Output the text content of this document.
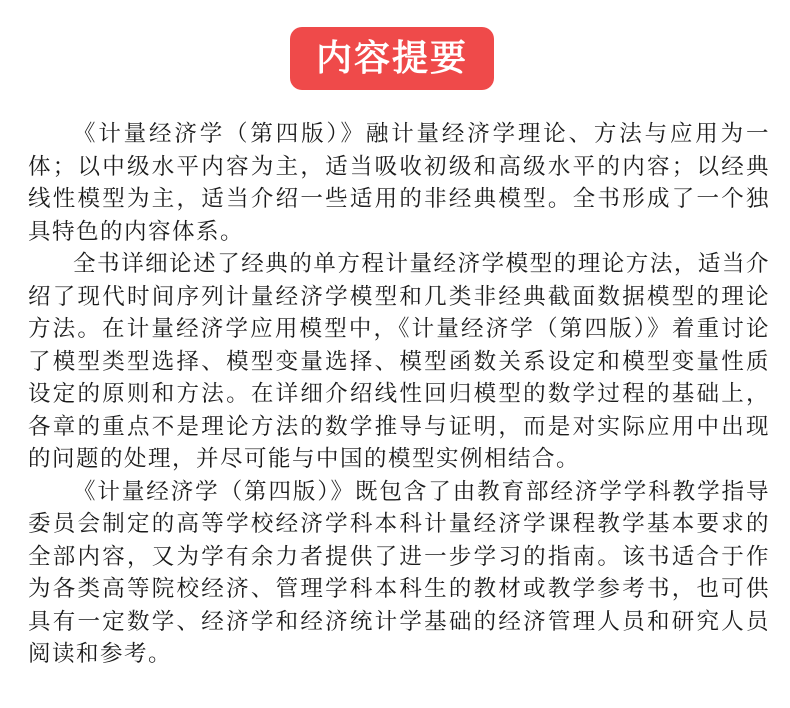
内容提要

《计量经济学（第四版）》融计量经济学理论、方法与应用为一体；以中级水平内容为主，适当吸收初级和高级水平的内容；以经典线性模型为主，适当介绍一些适用的非经典模型。全书形成了一个独具特色的内容体系。

全书详细论述了经典的单方程计量经济学模型的理论方法，适当介绍了现代时间序列计量经济学模型和几类非经典截面数据模型的理论方法。在计量经济学应用模型中，《计量经济学（第四版）》着重讨论了模型类型选择、模型变量选择、模型函数关系设定和模型变量性质设定的原则和方法。在详细介绍线性回归模型的数学过程的基础上，各章的重点不是理论方法的数学推导与证明，而是对实际应用中出现的问题的处理，并尽可能与中国的模型实例相结合。

《计量经济学（第四版）》既包含了由教育部经济学学科教学指导委员会制定的高等学校经济学科本科计量经济学课程教学基本要求的全部内容，又为学有余力者提供了进一步学习的指南。该书适合于作为各类高等院校经济、管理学科本科生的教材或教学参考书，也可供具有一定数学、经济学和经济统计学基础的经济管理人员和研究人员阅读和参考。
